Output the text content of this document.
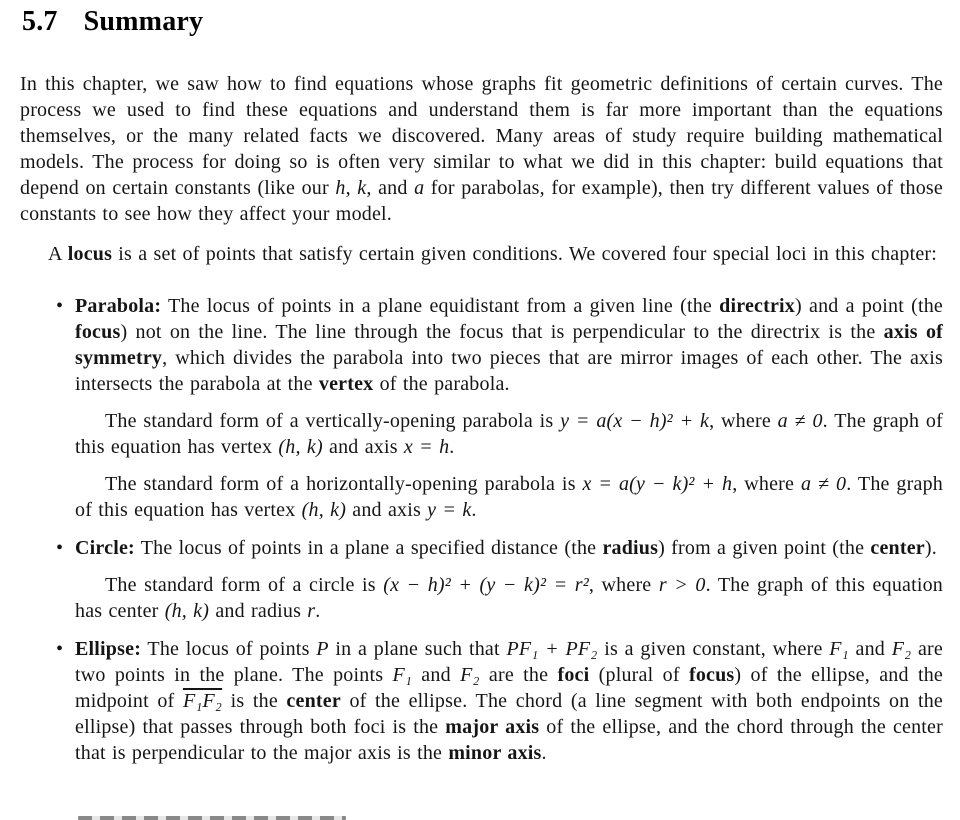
5.7 Summary

In this chapter, we saw how to find equations whose graphs fit geometric definitions of certain curves. The process we used to find these equations and understand them is far more important than the equations themselves, or the many related facts we discovered. Many areas of study require building mathematical models. The process for doing so is often very similar to what we did in this chapter: build equations that depend on certain constants (like our h, k, and a for parabolas, for example), then try different values of those constants to see how they affect your model.

A locus is a set of points that satisfy certain given conditions. We covered four special loci in this chapter:

• Parabola: The locus of points in a plane equidistant from a given line (the directrix) and a point (the focus) not on the line. The line through the focus that is perpendicular to the directrix is the axis of symmetry, which divides the parabola into two pieces that are mirror images of each other. The axis intersects the parabola at the vertex of the parabola.

The standard form of a vertically-opening parabola is y = a(x − h)² + k, where a ≠ 0. The graph of this equation has vertex (h, k) and axis x = h.

The standard form of a horizontally-opening parabola is x = a(y − k)² + h, where a ≠ 0. The graph of this equation has vertex (h, k) and axis y = k.

• Circle: The locus of points in a plane a specified distance (the radius) from a given point (the center).

The standard form of a circle is (x − h)² + (y − k)² = r², where r > 0. The graph of this equation has center (h, k) and radius r.

• Ellipse: The locus of points P in a plane such that PF₁ + PF₂ is a given constant, where F₁ and F₂ are two points in the plane. The points F₁ and F₂ are the foci (plural of focus) of the ellipse, and the midpoint of F₁F₂ is the center of the ellipse. The chord (a line segment with both endpoints on the ellipse) that passes through both foci is the major axis of the ellipse, and the chord through the center that is perpendicular to the major axis is the minor axis.
